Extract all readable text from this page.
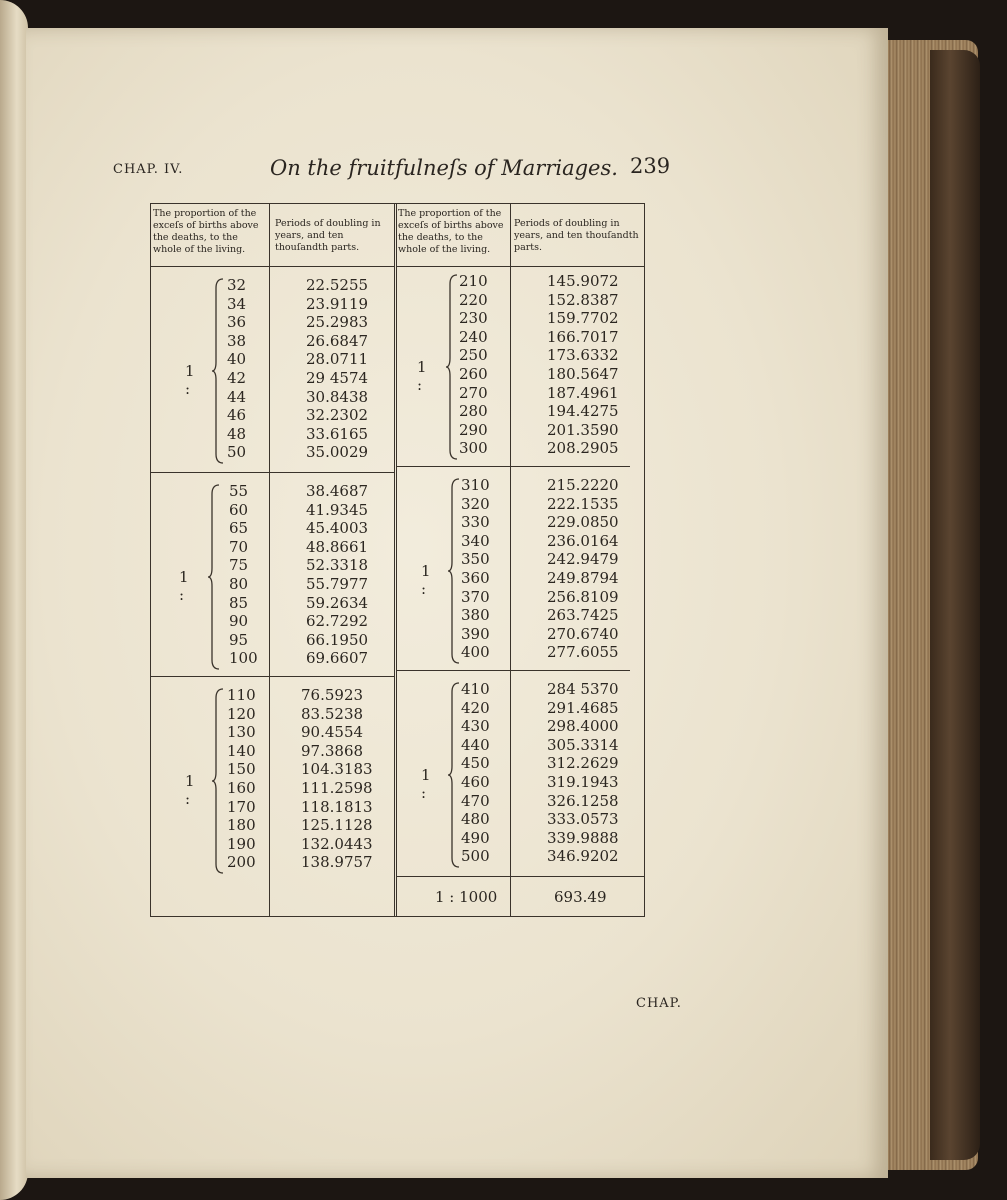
CHAP. IV.	On the fruitfulneſs of Marriages. 239
The proportion of the exceſs of births above the deaths, to the whole of the living.
Periods of doubling in years, and ten thouſandth parts.
The proportion of the exceſs of births above the deaths, to the whole of the living.
Periods of doubling in years, and ten thouſandth parts.
1 :
32
34
36
38
40
42
44
46
48
50
22.5255
23.9119
25.2983
26.6847
28.0711
29 4574
30.8438
32.2302
33.6165
35.0029
1 :
55
60
65
70
75
80
85
90
95
100
38.4687
41.9345
45.4003
48.8661
52.3318
55.7977
59.2634
62.7292
66.1950
69.6607
1 :
110
120
130
140
150
160
170
180
190
200
76.5923
83.5238
90.4554
97.3868
104.3183
111.2598
118.1813
125.1128
132.0443
138.9757
1 :
210
220
230
240
250
260
270
280
290
300
145.9072
152.8387
159.7702
166.7017
173.6332
180.5647
187.4961
194.4275
201.3590
208.2905
1 :
310
320
330
340
350
360
370
380
390
400
215.2220
222.1535
229.0850
236.0164
242.9479
249.8794
256.8109
263.7425
270.6740
277.6055
1 :
410
420
430
440
450
460
470
480
490
500
284 5370
291.4685
298.4000
305.3314
312.2629
319.1943
326.1258
333.0573
339.9888
346.9202
1 : 1000	693.49
CHAP.
